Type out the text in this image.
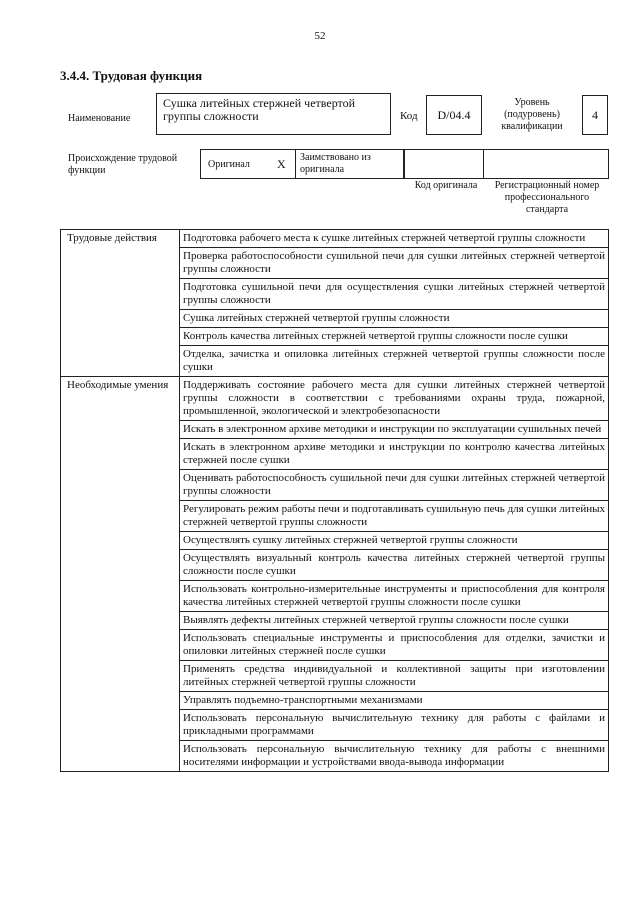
52
3.4.4. Трудовая функция
Наименование
Сушка литейных стержней четвертой группы сложности	Код	D/04.4
Уровень (подуровень) квалификации
4
Происхождение трудовой функции
Оригинал X	Заимствовано из оригинала
Код оригинала	Регистрационный номер профессионального стандарта
Трудовые действия	Подготовка рабочего места к сушке литейных стержней четвертой группы сложности
	Проверка работоспособности сушильной печи для сушки литейных стержней четвертой группы сложности
	Подготовка сушильной печи для осуществления сушки литейных стержней четвертой группы сложности
	Сушка литейных стержней четвертой группы сложности
	Контроль качества литейных стержней четвертой группы сложности после сушки
	Отделка, зачистка и опиловка литейных стержней четвертой группы сложности после сушки
Необходимые умения	Поддерживать состояние рабочего места для сушки литейных стержней четвертой группы сложности в соответствии с требованиями охраны труда, пожарной, промышленной, экологической и электробезопасности
	Искать в электронном архиве методики и инструкции по эксплуатации сушильных печей
	Искать в электронном архиве методики и инструкции по контролю качества литейных стержней после сушки
	Оценивать работоспособность сушильной печи для сушки литейных стержней четвертой группы сложности
	Регулировать режим работы печи и подготавливать сушильную печь для сушки литейных стержней четвертой группы сложности
	Осуществлять сушку литейных стержней четвертой группы сложности
	Осуществлять визуальный контроль качества литейных стержней четвертой группы сложности после сушки
	Использовать контрольно-измерительные инструменты и приспособления для контроля качества литейных стержней четвертой группы сложности после сушки
	Выявлять дефекты литейных стержней четвертой группы сложности после сушки
	Использовать специальные инструменты и приспособления для отделки, зачистки и опиловки литейных стержней после сушки
	Применять средства индивидуальной и коллективной защиты при изготовлении литейных стержней четвертой группы сложности
	Управлять подъемно-транспортными механизмами
	Использовать персональную вычислительную технику для работы с файлами и прикладными программами
	Использовать персональную вычислительную технику для работы с внешними носителями информации и устройствами ввода-вывода информации
